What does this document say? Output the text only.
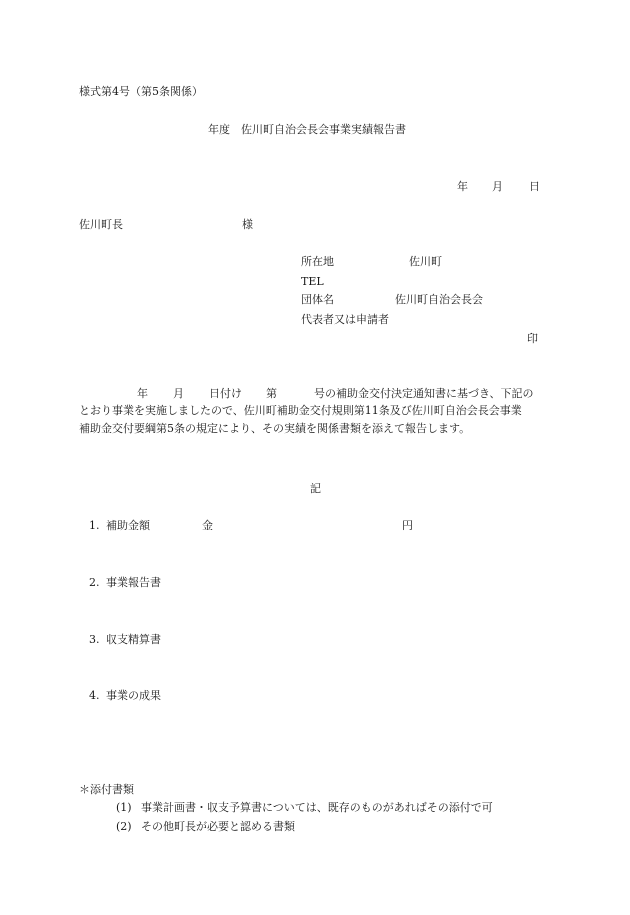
様式第4号（第5条関係）
年度　佐川町自治会長会事業実績報告書
年 月 日
佐川町長	様
所在地	佐川町
TEL
団体名	佐川町自治会長会
代表者又は申請者
印
年 月 日付け 第	号の補助金交付決定通知書に基づき、下記の
とおり事業を実施しましたので、佐川町補助金交付規則第11条及び佐川町自治会長会事業
補助金交付要綱第5条の規定により、その実績を関係書類を添えて報告します。
記
1. 補助金額	金	円
2. 事業報告書
3. 収支精算書
4. 事業の成果
＊添付書類
(1) 事業計画書・収支予算書については、既存のものがあればその添付で可
(2) その他町長が必要と認める書類
